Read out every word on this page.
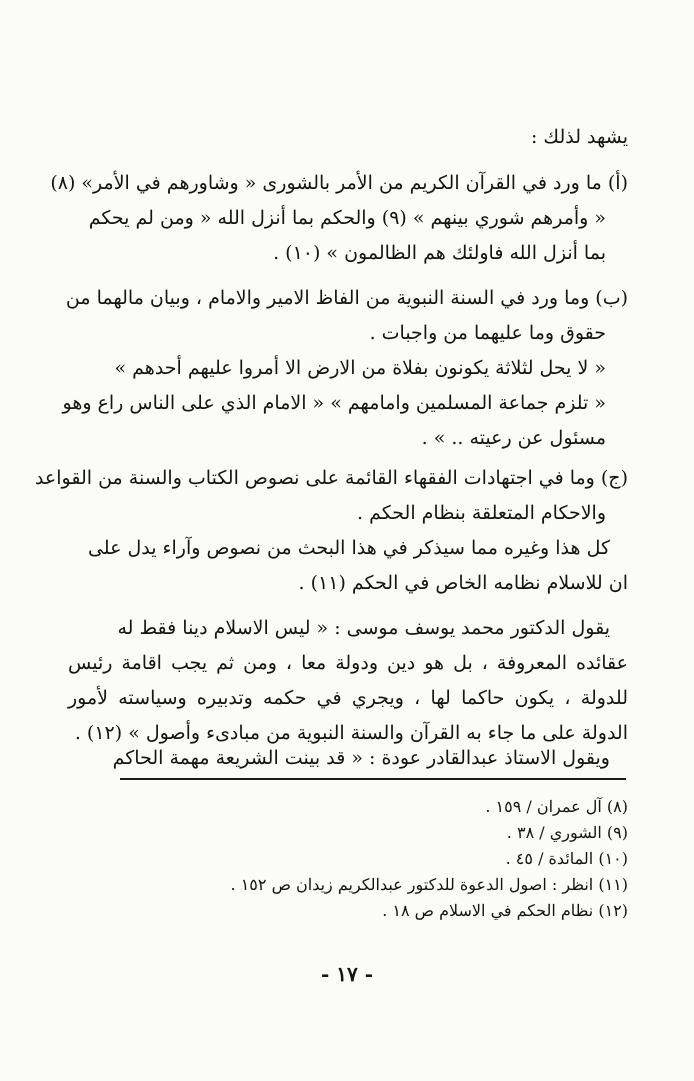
يشهد لذلك :
(أ) ما ورد في القرآن الكريم من الأمر بالشورى « وشاورهم في الأمر» (٨)
« وأمرهم شوري بينهم » (٩) والحكم بما أنزل الله « ومن لم يحكم
بما أنزل الله فاولئك هم الظالمون » (١٠) .
(ب) وما ورد في السنة النبوية من الفاظ الامير والامام ، وبيان مالهما من
حقوق وما عليهما من واجبات .
« لا يحل لثلاثة يكونون بفلاة من الارض الا أمروا عليهم أحدهم »
« تلزم جماعة المسلمين وامامهم » « الامام الذي على الناس راع وهو
مسئول عن رعيته .. » .
(ج) وما في اجتهادات الفقهاء القائمة على نصوص الكتاب والسنة من القواعد
والاحكام المتعلقة بنظام الحكم .
كل هذا وغيره مما سيذكر في هذا البحث من نصوص وآراء يدل على
ان للاسلام نظامه الخاص في الحكم (١١) .
يقول الدكتور محمد يوسف موسى : « ليس الاسلام دينا فقط له
عقائده المعروفة ، بل هو دين ودولة معا ، ومن ثم يجب اقامة رئيس
للدولة ، يكون حاكما لها ، ويجري في حكمه وتدبيره وسياسته لأمور
الدولة على ما جاء به القرآن والسنة النبوية من مبادىء وأصول » (١٢) .
ويقول الاستاذ عبدالقادر عودة : « قد بينت الشريعة مهمة الحاكم
(٨) آل عمران / ١٥٩ .
(٩) الشوري / ٣٨ .
(١٠) المائدة / ٤٥ .
(١١) انظر : اصول الدعوة للدكتور عبدالكريم زيدان ص ١٥٢ .
(١٢) نظام الحكم في الاسلام ص ١٨ .
- ١٧ -
